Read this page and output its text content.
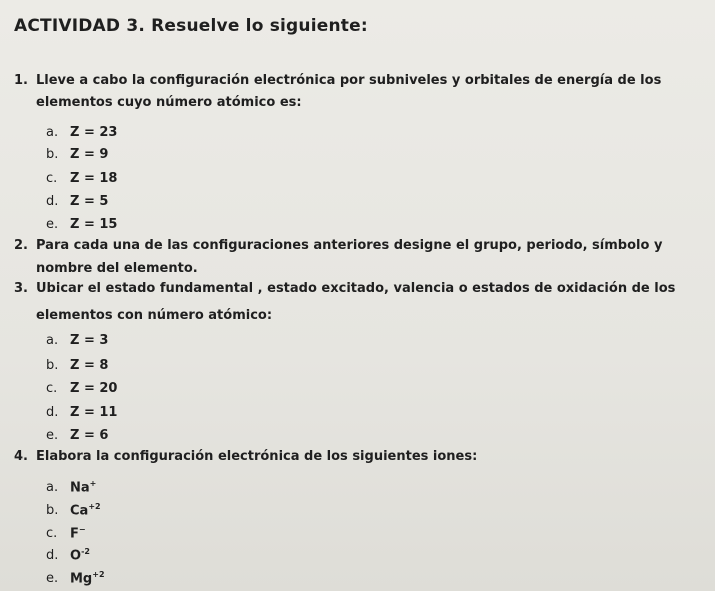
ACTIVIDAD 3. Resuelve lo siguiente:
1. Lleve a cabo la configuración electrónica por subniveles y orbitales de energía de los
elementos cuyo número atómico es:
a. Z = 23
b. Z = 9
c. Z = 18
d. Z = 5
e. Z = 15
2. Para cada una de las configuraciones anteriores designe el grupo, periodo, símbolo y
nombre del elemento.
3. Ubicar el estado fundamental , estado excitado, valencia o estados de oxidación de los
elementos con número atómico:
a. Z = 3
b. Z = 8
c. Z = 20
d. Z = 11
e. Z = 6
4. Elabora la configuración electrónica de los siguientes iones:
a. Na+
b. $Ca^{+2}$
c. F−
d. $O^{-2}$
e. $Mg^{+2}$
